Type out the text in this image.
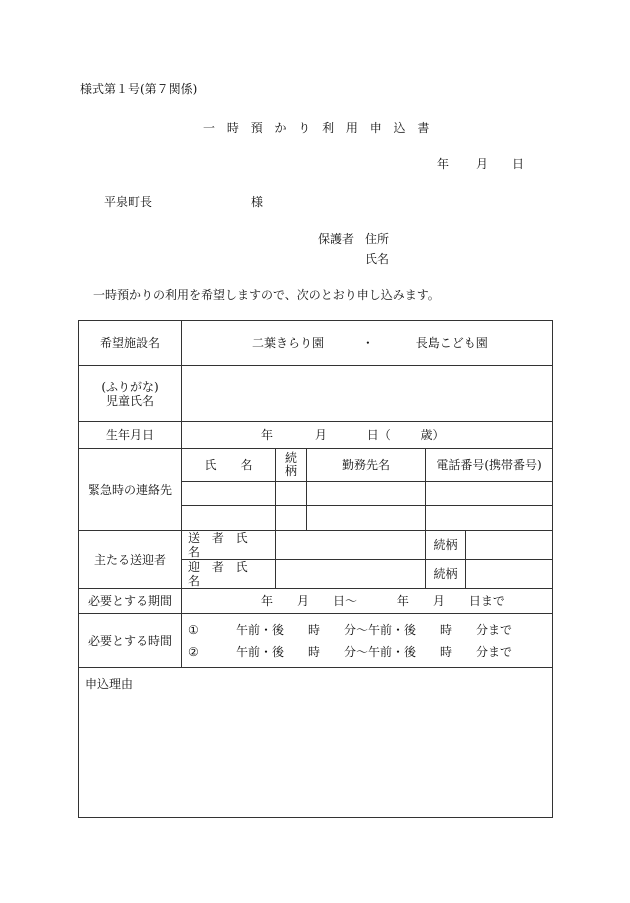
様式第１号(第７関係)
一 時 預 か り 利 用 申 込 書
年 月 日
平泉町長	様
保護者 住所
氏名
一時預かりの利用を希望しますので、次のとおり申し込みます。
希望施設名	二葉きらり園 ・ 長島こども園				

(ふりがな)
児童氏名					

生年月日	年 月 日（ 歳）				
緊急時の連絡先	氏　　名	続柄	勤務先名	電話番号(携帯番号)	

主たる送迎者	送 者 氏 名			続柄	
	迎 者 氏 名			続柄	
必要とする期間	年　　月　　日～ 年　　月　　日まで				
必要とする時間	① 午前・後　　時　　分～午前・後　　時　　分まで
② 午前・後　　時　　分～午前・後　　時　　分まで				

申込理由					
